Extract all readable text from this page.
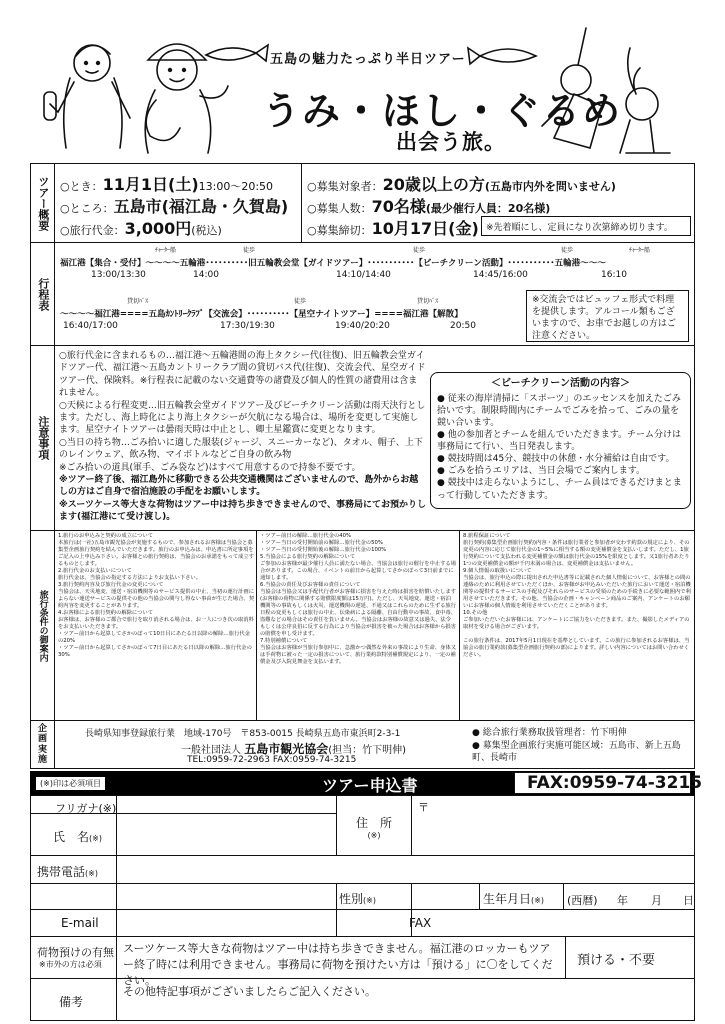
五島の魅力たっぷり半日ツアー
うみ・ほし・ぐるめ
出会う旅。
ツアー概要 ○とき：11月1日(土)13:00〜20:50
○ところ：五島市(福江島・久賀島)
○旅行代金：3,000円(税込)
○募集対象者：20歳以上の方(五島市内外を問いません)
○募集人数：70名様(最少催行人員：20名様)
○募集締切：10月17日(金) ※先着順にし、定員になり次第締め切ります。
行程表
ﾁｬｰﾀｰ船	徒歩	徒歩	徒歩	ﾁｬｰﾀｰ船
福江港【集合・受付】〜〜〜〜五輪港･･････････旧五輪教会堂【ガイドツアー】･･･････････【ビーチクリーン活動】･･･････････五輪港〜〜〜
13:00/13:30	14:00	14:10/14:40	14:45/16:00	16:10
貸切ﾊﾞｽ	徒歩	貸切ﾊﾞｽ
〜〜〜〜福江港====五島ｶﾝﾄﾘｰｸﾗﾌﾞ【交流会】･･････････【星空ナイトツアー】====福江港【解散】
16:40/17:00	17:30/19:30	19:40/20:20	20:50
※交流会ではビュッフェ形式で料理を提供します。アルコール類もございますので、お車でお越しの方はご注意ください。
注意事項
○旅行代金に含まれるもの…福江港〜五輪港間の海上タクシー代(往復)、旧五輪教会堂ガイドツアー代、福江港〜五島カントリークラブ間の貸切バス代(往復)、交流会代、星空ガイドツアー代、保険料。※行程表に記載のない交通費等の諸費及び個人的性質の諸費用は含まれません。
○天候による行程変更…旧五輪教会堂ガイドツアー及びビーチクリーン活動は雨天決行とします。ただし、海上時化により海上タクシーが欠航になる場合は、場所を変更して実施します。星空ナイトツアーは曇雨天時は中止とし、卿土星鑑賞に変更となります。
○当日の持ち物…ごみ拾いに適した服装(ジャージ、スニーカーなど)、タオル、帽子、上下のレインウェア、飲み物、マイボトルなどご自身の飲み物
※ごみ拾いの道具(軍手、ごみ袋など)はすべて用意するので持参不要です。
※ツアー終了後、福江島外に移動できる公共交通機関はございませんので、島外からお越しの方はご自身で宿泊施設の手配をお願いします。
※スーツケース等大きな荷物はツアー中は持ち歩きできませんので、事務局にてお預かりします(福江港にて受け渡し)。
＜ビーチクリーン活動の内容＞
● 従来の海岸清掃に「スポーツ」のエッセンスを加えたごみ拾いです。制限時間内にチームでごみを拾って、ごみの量を競い合います。
● 他の参加者とチームを組んでいただきます。チーム分けは事務局にて行い、当日発表します。
● 競技時間は45分、競技中の休憩・水分補給は自由です。
● ごみを拾うエリアは、当日会場でご案内します。
● 競技中は走らないようにし、チーム員はできるだけまとまって行動していただきます。
旅行条件の御案内
1.旅行のお申込みと契約の成立について
本旅行は(一社)五島市観光協会が実施するもので、参加されるお客様は当協会と募集型企画旅行契約を結んでいただきます。旅行のお申込みは、申込書に所定事項をご記入の上申込み下さい。お客様との旅行契約は、当協会のお承諾をもって成立するものとします。
2.旅行代金のお支払いについて
旅行代金は、当協会の指定する方法によりお支払い下さい。
3.旅行契約内容及び旅行代金の変更について
当協会は、天災地変、運送・宿泊機関等のサービス提供の中止、当初の運行計画によらない運送サービスの提供その他の当協会の関与し得ない事由が生じた場合、契約内容を変更することがあります。
4.お客様による旅行契約の解除について
お客様は、お客様のご都合で旅行を取り消される場合は、お一人につき次の取消料をお支払いいただきます。
・ツアー前日から起算してさかのぼって10日目にあたる日以降の解除…旅行代金の20%
・ツアー前日から起算してさかのぼって7日目にあたる日以降の解除…旅行代金の30%
・ツアー前日の解除…旅行代金の40%
・ツアー当日の受付開始前の解除…旅行代金の50%
・ツアー当日の受付開始後の解除…旅行代金の100%
5.当協会による旅行契約の解除について
ご参加のお客様が最少催行人員に満たない場合、当協会は旅行の催行を中止する場合があります。この場合、イベントの前日から起算してさかのぼって3日前までに通知します。
6.当協会の責任及びお客様の責任について
当協会は当協会又は手配代行者がお客様に損害を与えた時は損害を賠償いたします(お客様の荷物に関係する賠償限度額は15万円)。ただし、天災地変、運送・宿泊機関等の事故もしくは火災、運送機関の遅延、不通又はこれらのために生ずる旅行日程の変更もしくは旅行の中止、伝染病による隔離、自由行動中の事故、食中毒、盗難などの場合はその責任を負いません。当協会はお客様の故意又は過失、法令もしくは公序良俗に反する行為により当協会が損害を被った場合はお客様から損害の賠償を申し受けます。
7.特別補償について
当協会はお客様が当旅行参加中に、急激かつ偶然な外来の事故により生命、身体又は手荷物に被った一定の損害について、旅行業約款特別補償規定により、一定の補償金及び入院見舞金を支払います。
8.旅程保証について
旅行契約(募集型企画旅行契約)内容・条件は旅行業者と参加者が交わす約款の規定により、その変更の内容に応じて旅行代金の1~5%に相当する額の変更補償金を支払いします。ただし、1旅行契約について支払われる変更補償金の額は旅行代金の15%を限度とします。又1旅行者あたり1つの変更補償金の額が千円未満の場合は、変更補償金は支払いません。
9.個人情報の取扱いについて
当協会は、旅行申込の際に提出された申込書等に記載された個人情報について、お客様との間の連絡のために利用させていただくほか、お客様がお申込みいただいた旅行において運送・宿泊機関等の提供するサービスの手配及びそれらのサービスの受領のための手続きに必要な範囲内で利用させていただきます。その他、当協会の企画・キャンペーン商品のご案内、アンケートのお願いにお客様の個人情報を利用させていただくことがあります。
10.その他
ご参加いただいたお客様には、アンケートにご協力をいただきます。また、撮影したメディアの取材を受ける場合がございます。

この旅行条件は、2017年5月1日現在を基準としています。この旅行に参加されるお客様は、当協会の旅行業約款(募集型企画旅行契約の部)によります。詳しい内容についてはお問い合わせください。
企画実施
長崎県知事登録旅行業　地域-170号　〒853-0015 長崎県五島市東浜町2-3-1
一般社団法人 五島市観光協会(担当：竹下明伸)
TEL:0959-72-2963 FAX:0959-74-3215
● 総合旅行業務取扱管理者：竹下明伸
● 募集型企画旅行実施可能区域：五島市、新上五島町、長崎市
(※)印は必須項目	ツアー申込書	FAX:0959-74-3215
フリガナ(※)
氏　名(※)
住　所
(※)
〒
携帯電話(※)
性別(※)	生年月日(※) (西暦) 年 月 日
E-mail	FAX
荷物預けの有無
※市外の方は必須
スーツケース等大きな荷物はツアー中は持ち歩きできません。福江港のロッカーもツアー終了時には利用できません。事務局に荷物を預けたい方は「預ける」に〇をしてください。
預ける・不要
備考
その他特記事項がございましたらご記入ください。
